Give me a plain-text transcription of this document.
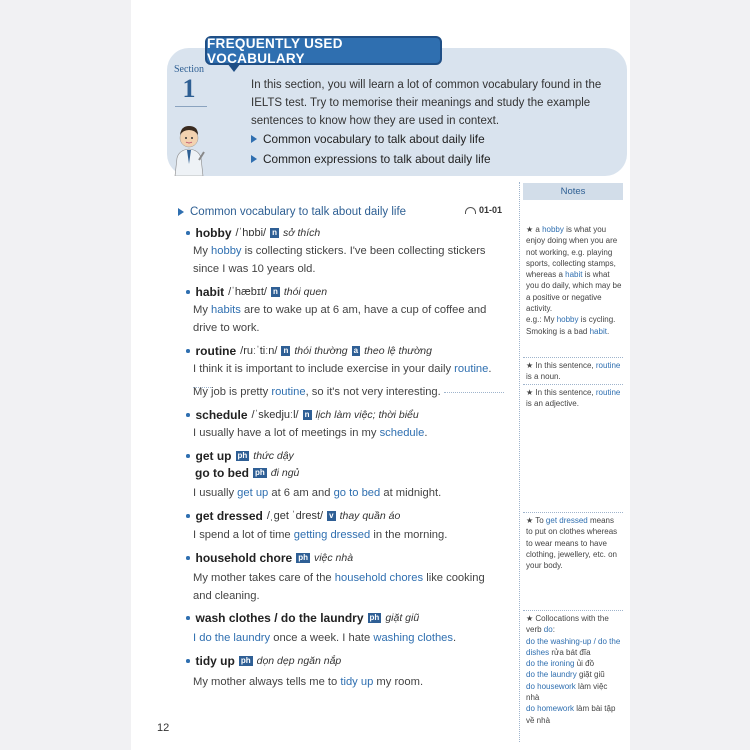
FREQUENTLY USED VOCABULARY
Section
1	In this section, you will learn a lot of common vocabulary found in the IELTS test. Try to memorise their meanings and study the example sentences to know how they are used in context.
Common vocabulary to talk about daily life
Common expressions to talk about daily life
Notes
★ a hobby is what you enjoy doing when you are not working, e.g. playing sports, collecting stamps, whereas a habit is what you do daily, which may be a positive or negative activity.
e.g.: My hobby is cycling.
Smoking is a bad habit.
★ In this sentence, routine is a noun.
★ In this sentence, routine is an adjective.
★ To get dressed means to put on clothes whereas to wear means to have clothing, jewellery, etc. on your body.
★ Collocations with the verb do:
do the washing-up / do the dishes rửa bát đĩa
do the ironing ủi đồ
do the laundry giặt giũ
do housework làm việc nhà
do homework làm bài tập về nhà
Common vocabulary to talk about daily life	01-01
hobby /ˈhɒbi/ n sở thích
My hobby is collecting stickers. I've been collecting stickers
since I was 10 years old.
habit /ˈhæbɪt/ n thói quen
My habits are to wake up at 6 am, have a cup of coffee and
drive to work.
routine /ruːˈtiːn/ n thói thường a theo lệ thường
I think it is important to include exercise in your daily routine.
My job is pretty routine, so it's not very interesting.
schedule /ˈskedjuːl/ n lịch làm việc; thời biểu
I usually have a lot of meetings in my schedule.
get up ph thức dậy
go to bed ph đi ngủ
I usually get up at 6 am and go to bed at midnight.
get dressed /ˌget ˈdrest/ v thay quần áo
I spend a lot of time getting dressed in the morning.
household chore ph việc nhà
My mother takes care of the household chores like cooking
and cleaning.
wash clothes / do the laundry ph giặt giũ
I do the laundry once a week. I hate washing clothes.
tidy up ph dọn dẹp ngăn nắp
My mother always tells me to tidy up my room.
12
